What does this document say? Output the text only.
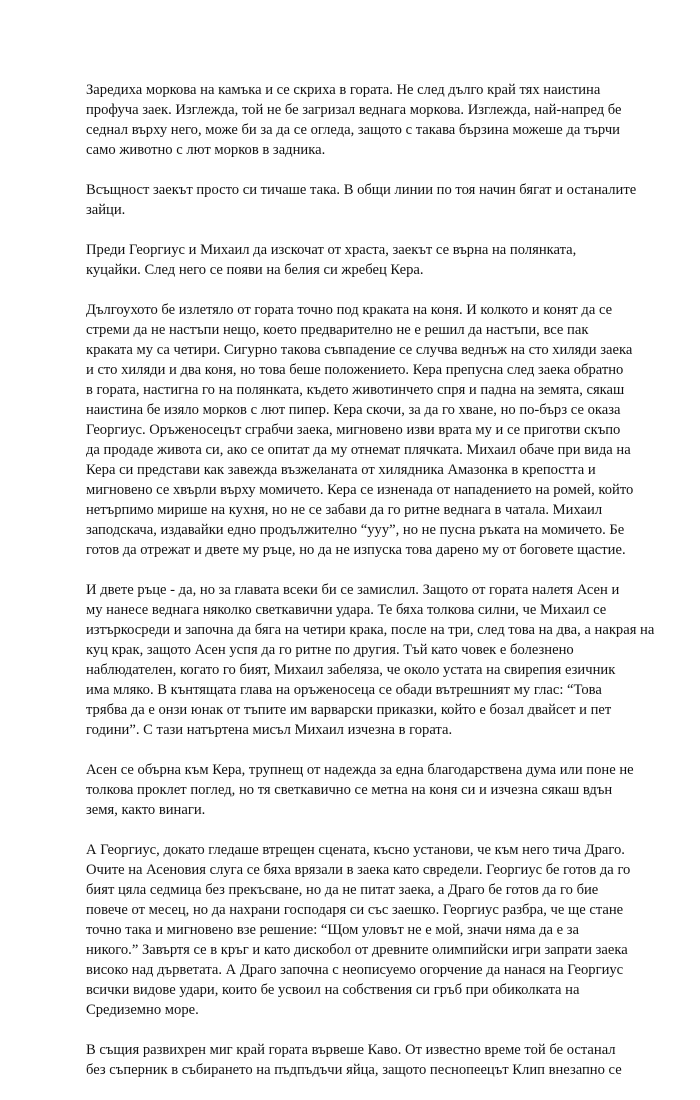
Заредиха моркова на камъка и се скриха в гората. Не след дълго край тях наистина
профуча заек. Изглежда, той не бе загризал веднага моркова. Изглежда, най-напред бе
седнал върху него, може би за да се огледа, защото с такава бързина можеше да търчи
само животно с лют морков в задника.
Всъщност заекът просто си тичаше така. В общи линии по тоя начин бягат и останалите
зайци.
Преди Георгиус и Михаил да изскочат от храста, заекът се върна на полянката,
куцайки. След него се появи на белия си жребец Кера.
Дългоухото бе излетяло от гората точно под краката на коня. И колкото и конят да се
стреми да не настъпи нещо, което предварително не е решил да настъпи, все пак
краката му са четири. Сигурно такова съвпадение се случва веднъж на сто хиляди заека
и сто хиляди и два коня, но това беше положението. Кера препусна след заека обратно
в гората, настигна го на полянката, където животинчето спря и падна на земята, сякаш
наистина бе изяло морков с лют пипер. Кера скочи, за да го хване, но по-бърз се оказа
Георгиус. Оръженосецът сграбчи заека, мигновено изви врата му и се приготви скъпо
да продаде живота си, ако се опитат да му отнемат плячката. Михаил обаче при вида на
Кера си представи как завежда възжеланата от хилядника Амазонка в крепостта и
мигновено се хвърли върху момичето. Кера се изненада от нападението на ромей, който
нетърпимо миришe на кухня, но не се забави да го ритне веднага в чатала. Михаил
заподскача, издавайки едно продължително “ууу”, но не пусна ръката на момичето. Бе
готов да отрежат и двете му ръце, но да не изпуска това дарено му от боговете щастие.
И двете ръце - да, но за главата всеки би се замислил. Защото от гората налетя Асен и
му нанесе веднага няколко светкавични удара. Те бяха толкова силни, че Михаил се
изтъркосреди и започна да бяга на четири крака, после на три, след това на два, а накрая на
куц крак, защото Асен успя да го ритне по другия. Тъй като човек е болезнено
наблюдателен, когато го бият, Михаил забеляза, че около устата на свирепия езичник
има мляко. В кънтящата глава на оръженосеца се обади вътрешният му глас: “Това
трябва да е онзи юнак от тъпите им варварски приказки, който е бозал двайсет и пет
години”. С тази натъртена мисъл Михаил изчезна в гората.
Асен се обърна към Кера, трупнещ от надежда за една благодарствена дума или поне не
толкова проклет поглед, но тя светкавично се метна на коня си и изчезна сякаш вдън
земя, както винаги.
А Георгиус, докато гледаше втрещен сцената, късно установи, че към него тича Драго.
Очите на Асеновия слуга се бяха врязали в заека като свредели. Георгиус бе готов да го
бият цяла седмица без прекъсване, но да не питат заека, а Драго бе готов да го бие
повече от месец, но да нахрани господаря си със заешко. Георгиус разбра, че ще стане
точно така и мигновено взе решение: “Щом уловът не е мой, значи няма да е за
никого.” Завъртя се в кръг и като дискобол от древните олимпийски игри запрати заека
високо над дърветата. А Драго започна с неописуемо огорчение да нанася на Георгиус
всички видове удари, които бе усвоил на собствения си гръб при обиколката на
Средиземно море.
В същия развихрен миг край гората вървеше Каво. От известно време той бе останал
без съперник в събирането на пъдпъдъчи яйца, защото песнопеецът Клип внезапно се
